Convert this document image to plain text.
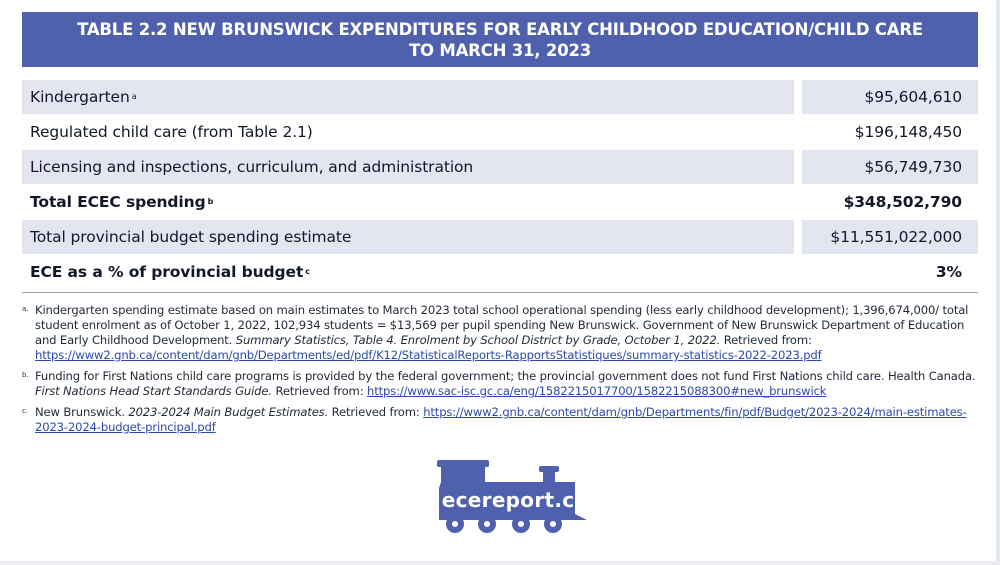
TABLE 2.2 NEW BRUNSWICK EXPENDITURES FOR EARLY CHILDHOOD EDUCATION/CHILD CARE
TO MARCH 31, 2023
Kindergarten a	$95,604,610
Regulated child care (from Table 2.1)	$196,148,450
Licensing and inspections, curriculum, and administration	$56,749,730
Total ECEC spending b	$348,502,790
Total provincial budget spending estimate	$11,551,022,000
ECE as a % of provincial budget c	3%
a. Kindergarten spending estimate based on main estimates to March 2023 total school operational spending (less early childhood development); 1,396,674,000/ total student enrolment as of October 1, 2022, 102,934 students = $13,569 per pupil spending New Brunswick. Government of New Brunswick Department of Education and Early Childhood Development. Summary Statistics, Table 4. Enrolment by School District by Grade, October 1, 2022. Retrieved from: https://www2.gnb.ca/content/dam/gnb/Departments/ed/pdf/K12/StatisticalReports-RapportsStatistiques/summary-statistics-2022-2023.pdf
b. Funding for First Nations child care programs is provided by the federal government; the provincial government does not fund First Nations child care. Health Canada. First Nations Head Start Standards Guide. Retrieved from: https://www.sac-isc.gc.ca/eng/1582215017700/1582215088300#new_brunswick
c. New Brunswick. 2023-2024 Main Budget Estimates. Retrieved from: https://www2.gnb.ca/content/dam/gnb/Departments/fin/pdf/Budget/2023-2024/main-estimates-2023-2024-budget-principal.pdf
ecereport.ca
